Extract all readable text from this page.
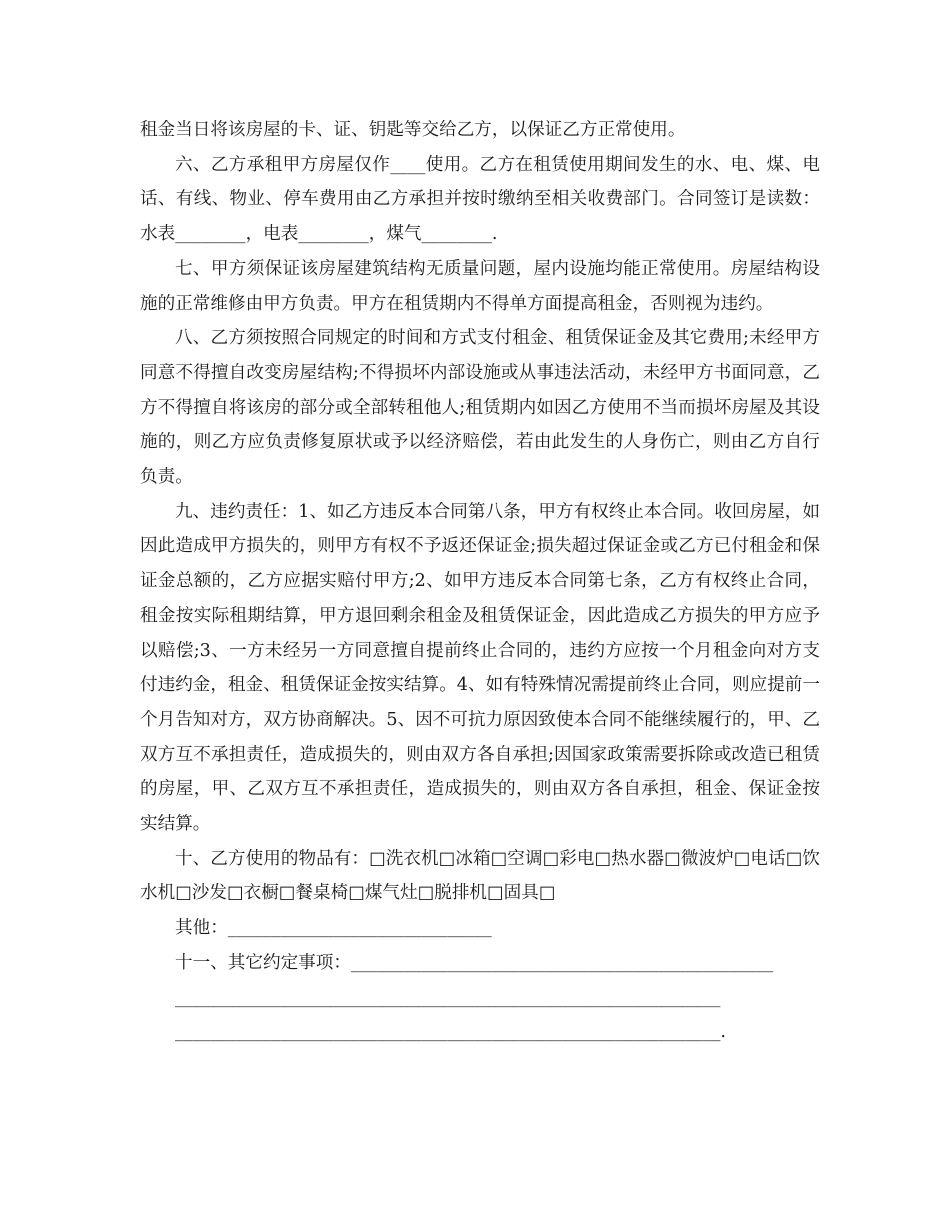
租金当日将该房屋的卡、证、钥匙等交给乙方，以保证乙方正常使用。

六、乙方承租甲方房屋仅作____使用。乙方在租赁使用期间发生的水、电、煤、电话、有线、物业、停车费用由乙方承担并按时缴纳至相关收费部门。合同签订是读数：水表________，电表________，煤气________.

七、甲方须保证该房屋建筑结构无质量问题，屋内设施均能正常使用。房屋结构设施的正常维修由甲方负责。甲方在租赁期内不得单方面提高租金，否则视为违约。

八、乙方须按照合同规定的时间和方式支付租金、租赁保证金及其它费用;未经甲方同意不得擅自改变房屋结构;不得损坏内部设施或从事违法活动，未经甲方书面同意，乙方不得擅自将该房的部分或全部转租他人;租赁期内如因乙方使用不当而损坏房屋及其设施的，则乙方应负责修复原状或予以经济赔偿，若由此发生的人身伤亡，则由乙方自行负责。

九、违约责任：1、如乙方违反本合同第八条，甲方有权终止本合同。收回房屋，如因此造成甲方损失的，则甲方有权不予返还保证金;损失超过保证金或乙方已付租金和保证金总额的，乙方应据实赔付甲方;2、如甲方违反本合同第七条，乙方有权终止合同，租金按实际租期结算，甲方退回剩余租金及租赁保证金，因此造成乙方损失的甲方应予以赔偿;3、一方未经另一方同意擅自提前终止合同的，违约方应按一个月租金向对方支付违约金，租金、租赁保证金按实结算。4、如有特殊情况需提前终止合同，则应提前一个月告知对方，双方协商解决。5、因不可抗力原因致使本合同不能继续履行的，甲、乙双方互不承担责任，造成损失的，则由双方各自承担;因国家政策需要拆除或改造已租赁的房屋，甲、乙双方互不承担责任，造成损失的，则由双方各自承担，租金、保证金按实结算。

十、乙方使用的物品有：□洗衣机□冰箱□空调□彩电□热水器□微波炉□电话□饮水机□沙发□衣橱□餐桌椅□煤气灶□脱排机□固具□

其他：______________________________

十一、其它约定事项：________________________________________________

______________________________________________________________

______________________________________________________________.
